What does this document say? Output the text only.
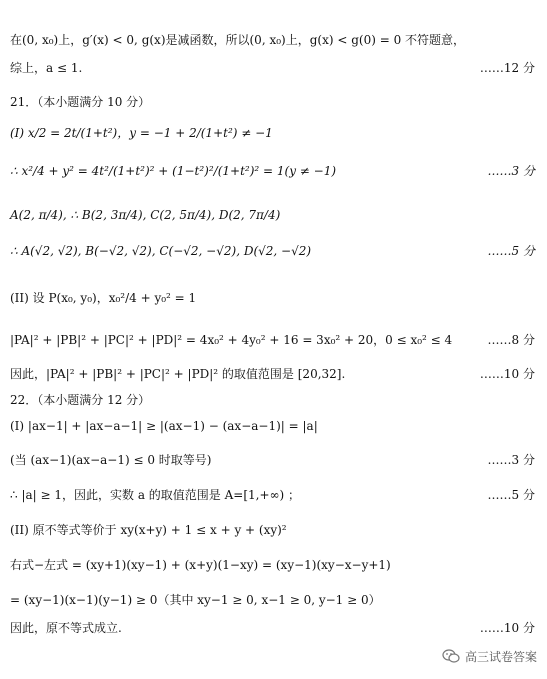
在(0, x₀)上，g′(x) < 0, g(x)是减函数，所以(0, x₀)上，g(x) < g(0) = 0 不符题意，
综上，a ≤ 1.	……12 分
21．（本小题满分 10 分）
(I) x/2 = 2t/(1+t²)，y = −1 + 2/(1+t²) ≠ −1
∴ x²/4 + y² = 4t²/(1+t²)² + (1−t²)²/(1+t²)² = 1(y ≠ −1)	……3 分
A(2, π/4), ∴ B(2, 3π/4), C(2, 5π/4), D(2, 7π/4)
∴ A(√2, √2), B(−√2, √2), C(−√2, −√2), D(√2, −√2)	……5 分
(II) 设 P(x₀, y₀)，x₀²/4 + y₀² = 1
|PA|² + |PB|² + |PC|² + |PD|² = 4x₀² + 4y₀² + 16 = 3x₀² + 20，0 ≤ x₀² ≤ 4	……8 分
因此，|PA|² + |PB|² + |PC|² + |PD|² 的取值范围是 [20,32].	……10 分
22．（本小题满分 12 分）
(I) |ax−1| + |ax−a−1| ≥ |(ax−1) − (ax−a−1)| = |a|
(当 (ax−1)(ax−a−1) ≤ 0 时取等号)	……3 分
∴ |a| ≥ 1，因此，实数 a 的取值范围是 A=[1,+∞) ；	……5 分
(II) 原不等式等价于 xy(x+y) + 1 ≤ x + y + (xy)²
右式−左式 = (xy+1)(xy−1) + (x+y)(1−xy) = (xy−1)(xy−x−y+1)
= (xy−1)(x−1)(y−1) ≥ 0（其中 xy−1 ≥ 0, x−1 ≥ 0, y−1 ≥ 0）
因此，原不等式成立.	……10 分
高三试卷答案
